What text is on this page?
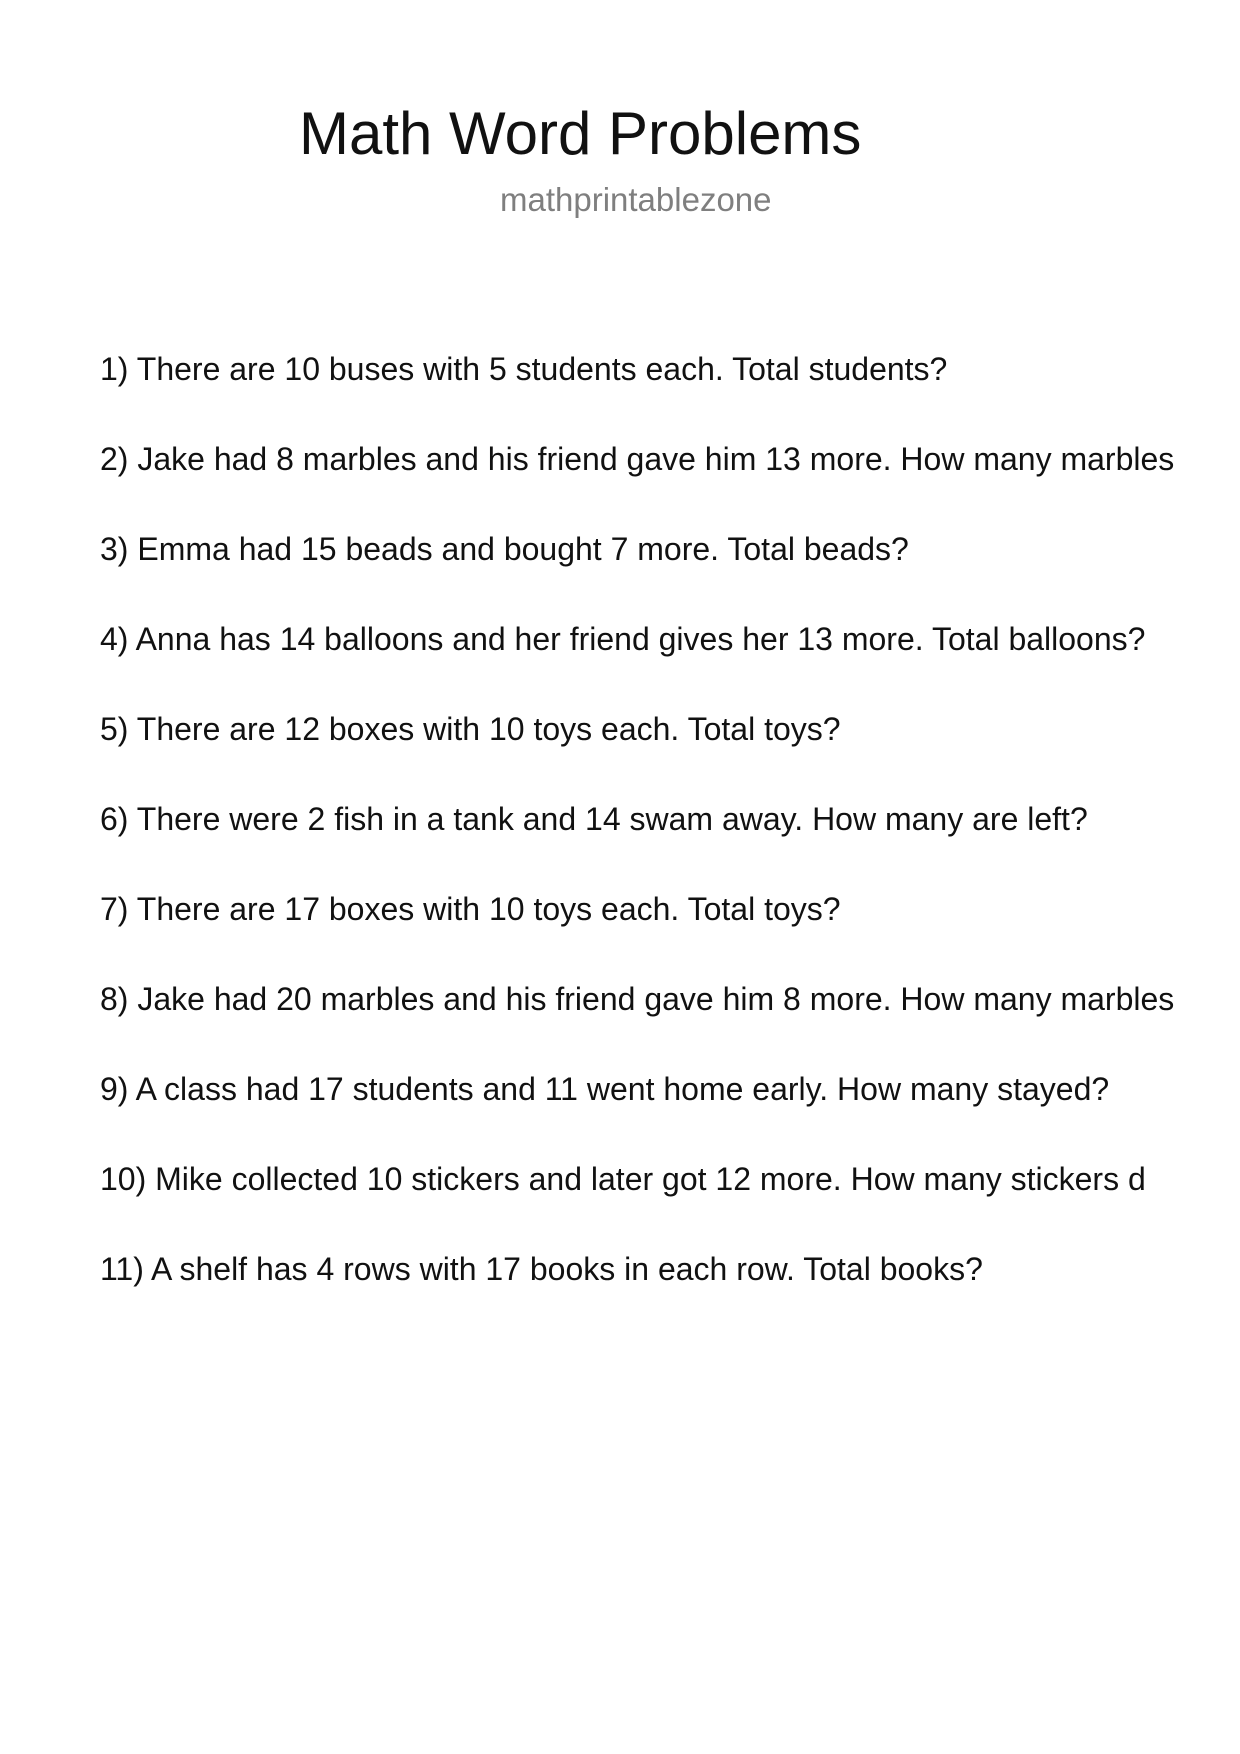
Math Word Problems
mathprintablezone
1) There are 10 buses with 5 students each. Total students?
2) Jake had 8 marbles and his friend gave him 13 more. How many marbles
3) Emma had 15 beads and bought 7 more. Total beads?
4) Anna has 14 balloons and her friend gives her 13 more. Total balloons?
5) There are 12 boxes with 10 toys each. Total toys?
6) There were 2 fish in a tank and 14 swam away. How many are left?
7) There are 17 boxes with 10 toys each. Total toys?
8) Jake had 20 marbles and his friend gave him 8 more. How many marbles
9) A class had 17 students and 11 went home early. How many stayed?
10) Mike collected 10 stickers and later got 12 more. How many stickers d
11) A shelf has 4 rows with 17 books in each row. Total books?
